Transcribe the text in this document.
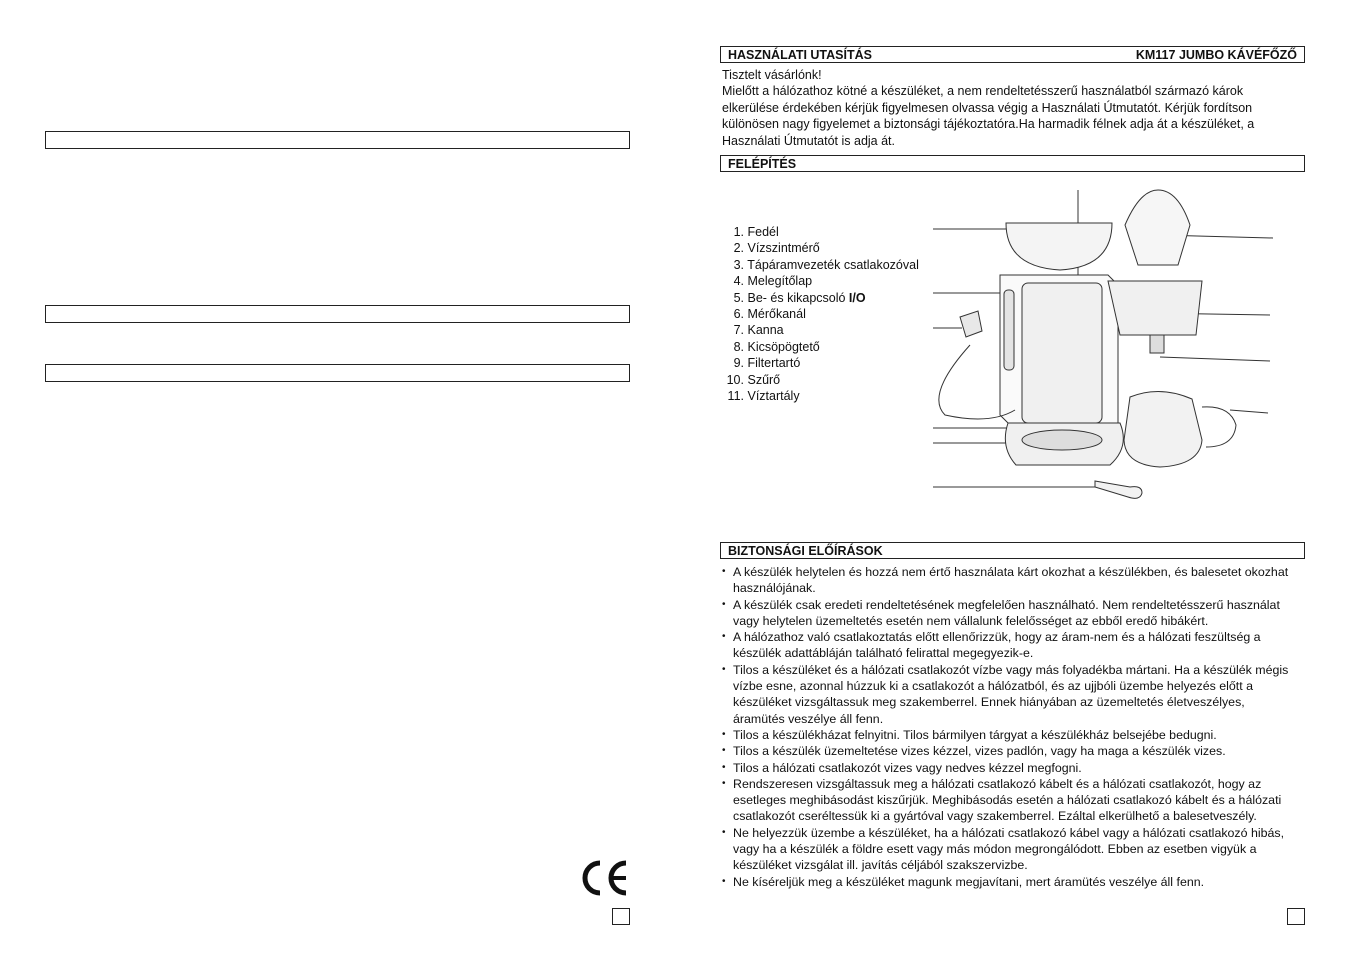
HASZNÁLATI UTASÍTÁS	KM117 JUMBO KÁVÉFŐZŐ
Tisztelt vásárlónk!
Mielőtt a hálózathoz kötné a készüléket, a nem rendeltetésszerű használatból származó károk elkerülése érdekében kérjük figyelmesen olvassa végig a Használati Útmutatót. Kérjük fordítson különösen nagy figyelemet a biztonsági tájékoztatóra.Ha harmadik félnek adja át a készüléket, a Használati Útmutatót is adja át.
FELÉPÍTÉS
1. Fedél
2. Vízszintmérő
3. Tápáramvezeték csatlakozóval
4. Melegítőlap
5. Be- és kikapcsoló I/O
6. Mérőkanál
7. Kanna
8. Kicsöpögtető
9. Filtertartó
10. Szűrő
11. Víztartály
BIZTONSÁGI ELŐÍRÁSOK
• A készülék helytelen és hozzá nem értő használata kárt okozhat a készülékben, és balesetet okozhat használójának.
• A készülék csak eredeti rendeltetésének megfelelően használható. Nem rendeltetésszerű használat vagy helytelen üzemeltetés esetén nem vállalunk felelősséget az ebből eredő hibákért.
• A hálózathoz való csatlakoztatás előtt ellenőrizzük, hogy az áram-nem és a hálózati feszültség a készülék adattábláján található felirattal megegyezik-e.
• Tilos a készüléket és a hálózati csatlakozót vízbe vagy más folyadékba mártani. Ha a készülék mégis vízbe esne, azonnal húzzuk ki a csatlakozót a hálózatból, és az ujjbóli üzembe helyezés előtt a készüléket vizsgáltassuk meg szakemberrel. Ennek hiányában az üzemeltetés életveszélyes, áramütés veszélye áll fenn.
• Tilos a készülékházat felnyitni. Tilos bármilyen tárgyat a készülékház belsejébe bedugni.
• Tilos a készülék üzemeltetése vizes kézzel, vizes padlón, vagy ha maga a készülék vizes.
• Tilos a hálózati csatlakozót vizes vagy nedves kézzel megfogni.
• Rendszeresen vizsgáltassuk meg a hálózati csatlakozó kábelt és a hálózati csatlakozót, hogy az esetleges meghibásodást kiszűrjük. Meghibásodás esetén a hálózati csatlakozó kábelt és a hálózati csatlakozót cseréltessük ki a gyártóval vagy szakemberrel. Ezáltal elkerülhető a balesetveszély.
• Ne helyezzük üzembe a készüléket, ha a hálózati csatlakozó kábel vagy a hálózati csatlakozó hibás, vagy ha a készülék a földre esett vagy más módon megrongálódott. Ebben az esetben vigyük a készüléket vizsgálat ill. javítás céljából szakszervizbe.
• Ne kíséreljük meg a készüléket magunk megjavítani, mert áramütés veszélye áll fenn.
